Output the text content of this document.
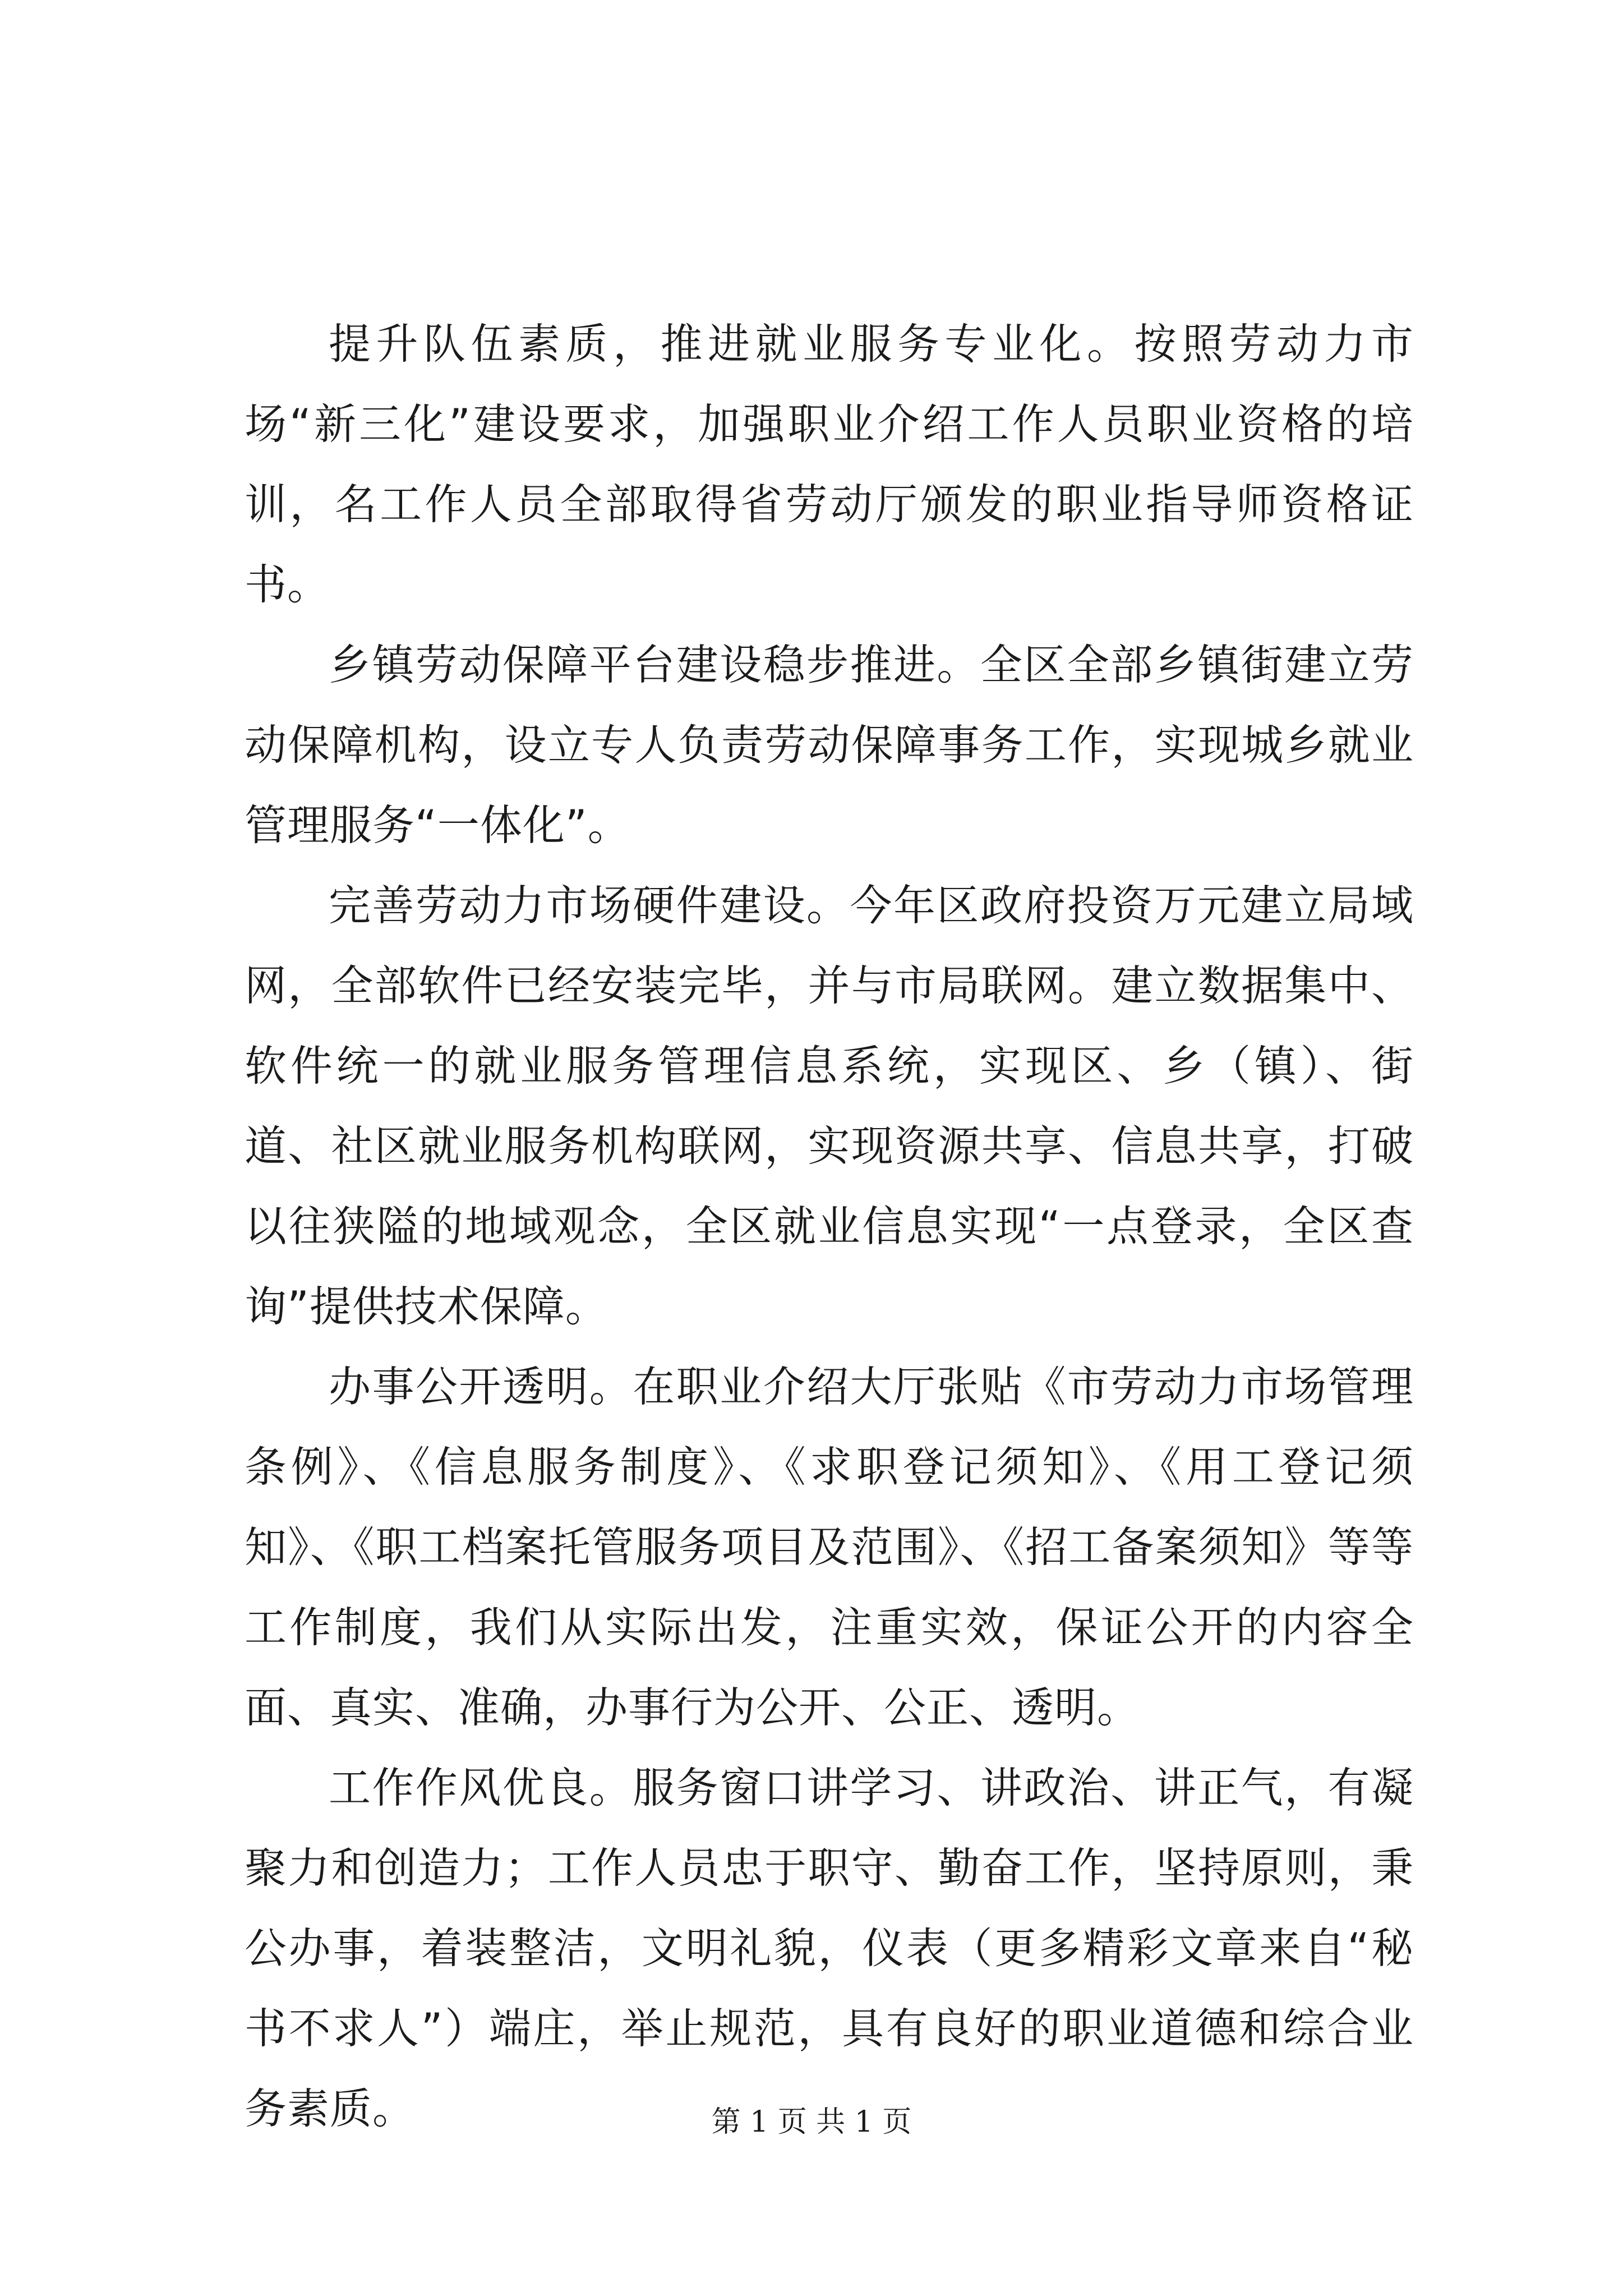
提升队伍素质，推进就业服务专业化。按照劳动力市场“新三化”建设要求，加强职业介绍工作人员职业资格的培训，名工作人员全部取得省劳动厅颁发的职业指导师资格证书。

乡镇劳动保障平台建设稳步推进。全区全部乡镇街建立劳动保障机构，设立专人负责劳动保障事务工作，实现城乡就业管理服务“一体化”。

完善劳动力市场硬件建设。今年区政府投资万元建立局域网，全部软件已经安装完毕，并与市局联网。建立数据集中、软件统一的就业服务管理信息系统，实现区、乡（镇）、街道、社区就业服务机构联网，实现资源共享、信息共享，打破以往狭隘的地域观念，全区就业信息实现“一点登录，全区查询”提供技术保障。

办事公开透明。在职业介绍大厅张贴《市劳动力市场管理条例》、《信息服务制度》、《求职登记须知》、《用工登记须知》、《职工档案托管服务项目及范围》、《招工备案须知》等等工作制度，我们从实际出发，注重实效，保证公开的内容全面、真实、准确，办事行为公开、公正、透明。

工作作风优良。服务窗口讲学习、讲政治、讲正气，有凝聚力和创造力；工作人员忠于职守、勤奋工作，坚持原则，秉公办事，着装整洁，文明礼貌，仪表（更多精彩文章来自“秘书不求人”）端庄，举止规范，具有良好的职业道德和综合业务素质。	第 1 页 共 1 页
